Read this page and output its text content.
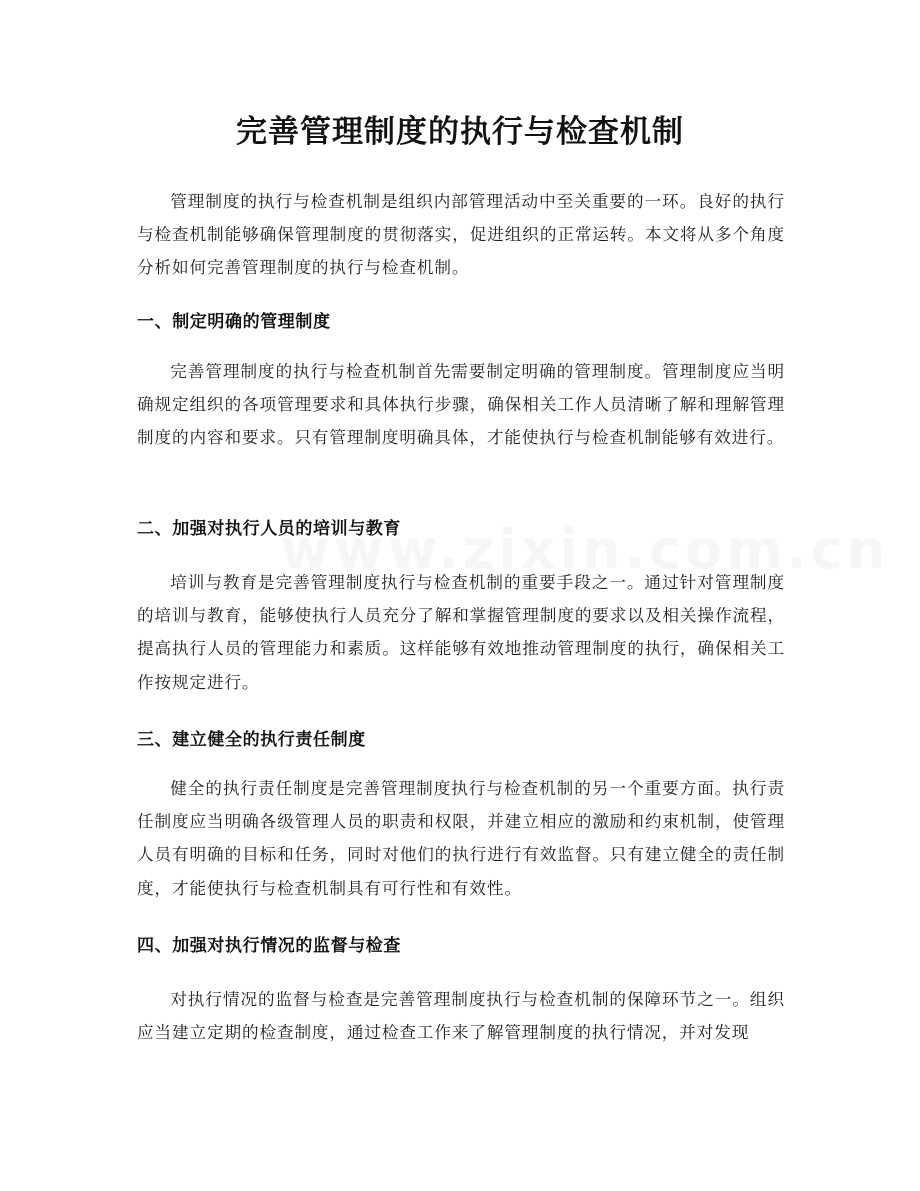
完善管理制度的执行与检查机制

管理制度的执行与检查机制是组织内部管理活动中至关重要的一环。良好的执行与检查机制能够确保管理制度的贯彻落实，促进组织的正常运转。本文将从多个角度分析如何完善管理制度的执行与检查机制。

一、制定明确的管理制度

完善管理制度的执行与检查机制首先需要制定明确的管理制度。管理制度应当明确规定组织的各项管理要求和具体执行步骤，确保相关工作人员清晰了解和理解管理制度的内容和要求。只有管理制度明确具体，才能使执行与检查机制能够有效进行。

二、加强对执行人员的培训与教育

培训与教育是完善管理制度执行与检查机制的重要手段之一。通过针对管理制度的培训与教育，能够使执行人员充分了解和掌握管理制度的要求以及相关操作流程，提高执行人员的管理能力和素质。这样能够有效地推动管理制度的执行，确保相关工作按规定进行。

三、建立健全的执行责任制度

健全的执行责任制度是完善管理制度执行与检查机制的另一个重要方面。执行责任制度应当明确各级管理人员的职责和权限，并建立相应的激励和约束机制，使管理人员有明确的目标和任务，同时对他们的执行进行有效监督。只有建立健全的责任制度，才能使执行与检查机制具有可行性和有效性。

四、加强对执行情况的监督与检查

对执行情况的监督与检查是完善管理制度执行与检查机制的保障环节之一。组织应当建立定期的检查制度，通过检查工作来了解管理制度的执行情况，并对发现
